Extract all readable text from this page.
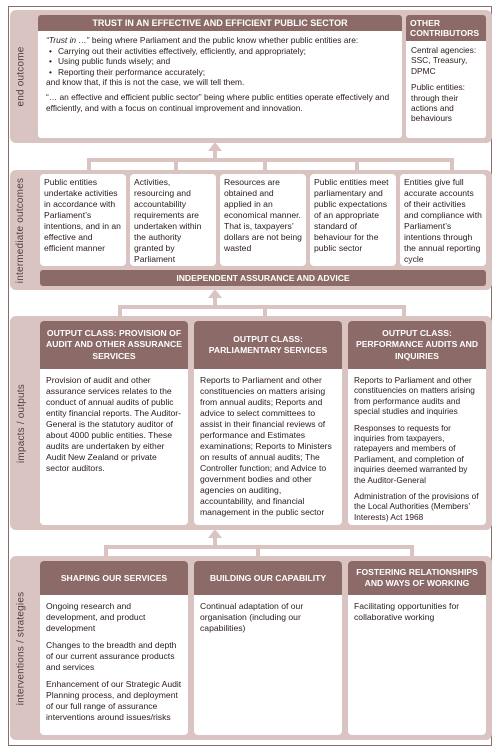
end outcome
TRUST IN AN EFFECTIVE AND EFFICIENT PUBLIC SECTOR
“Trust in …” being where Parliament and the public know whether public entities are:
• Carrying out their activities effectively, efficiently, and appropriately;
• Using public funds wisely; and
• Reporting their performance accurately;
and know that, if this is not the case, we will tell them.
“… an effective and efficient public sector” being where public entities operate effectively and efficiently, and with a focus on continual improvement and innovation.
OTHER CONTRIBUTORS

Central agencies: SSC, Treasury, DPMC

Public entities: through their actions and behaviours

intermediate outcomes	Public entities undertake activities in accordance with Parliament’s intentions, and in an effective and efficient manner
Activities, resourcing and accountability requirements are undertaken within the authority granted by Parliament
Resources are obtained and applied in an economical manner. That is, taxpayers’ dollars are not being wasted
Public entities meet parliamentary and public expectations of an appropriate standard of behaviour for the public sector
Entities give full accurate accounts of their activities and compliance with Parliament’s intentions through the annual reporting cycle
INDEPENDENT ASSURANCE AND ADVICE
impacts / outputs
OUTPUT CLASS: PROVISION OF AUDIT AND OTHER ASSURANCE SERVICES

Provision of audit and other assurance services relates to the conduct of annual audits of public entity financial reports. The Auditor-General is the statutory auditor of about 4000 public entities. These audits are undertaken by either Audit New Zealand or private sector auditors.

OUTPUT CLASS: PARLIAMENTARY SERVICES

Reports to Parliament and other constituencies on matters arising from annual audits; Reports and advice to select committees to assist in their financial reviews of performance and Estimates examinations; Reports to Ministers on results of annual audits; The Controller function; and Advice to government bodies and other agencies on auditing, accountability, and financial management in the public sector

OUTPUT CLASS: PERFORMANCE AUDITS AND INQUIRIES

Reports to Parliament and other constituencies on matters arising from performance audits and special studies and inquiries

Responses to requests for inquiries from taxpayers, ratepayers and members of Parliament, and completion of inquiries deemed warranted by the Auditor-General

Administration of the provisions of the Local Authorities (Members’ Interests) Act 1968

interventions / strategies
SHAPING OUR SERVICES

Ongoing research and development, and product development

Changes to the breadth and depth of our current assurance products and services

Enhancement of our Strategic Audit Planning process, and deployment of our full range of assurance interventions around issues/risks

BUILDING OUR CAPABILITY

Continual adaptation of our organisation (including our capabilities)

FOSTERING RELATIONSHIPS AND WAYS OF WORKING

Facilitating opportunities for collaborative working
